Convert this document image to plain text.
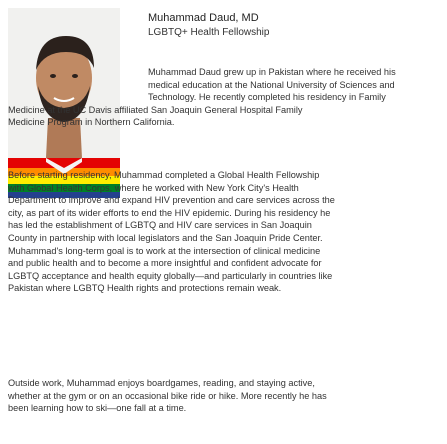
Muhammad Daud, MD
LGBTQ+ Health Fellowship
Muhammad Daud grew up in Pakistan where he received his
medical education at the National University of Sciences and
Technology. He recently completed his residency in Family
Medicine at the UC Davis affiliated San Joaquin General Hospital Family
Medicine Program in Northern California.
Before starting residency, Muhammad completed a Global Health Fellowship
with Global Health Corps, where he worked with New York City's Health
Department to improve and expand HIV prevention and care services across the
city, as part of its wider efforts to end the HIV epidemic. During his residency he
has led the establishment of LGBTQ and HIV care services in San Joaquin
County in partnership with local legislators and the San Joaquin Pride Center.
Muhammad's long-term goal is to work at the intersection of clinical medicine
and public health and to become a more insightful and confident advocate for
LGBTQ acceptance and health equity globally—and particularly in countries like
Pakistan where LGBTQ Health rights and protections remain weak.
Outside work, Muhammad enjoys boardgames, reading, and staying active,
whether at the gym or on an occasional bike ride or hike. More recently he has
been learning how to ski—one fall at a time.
